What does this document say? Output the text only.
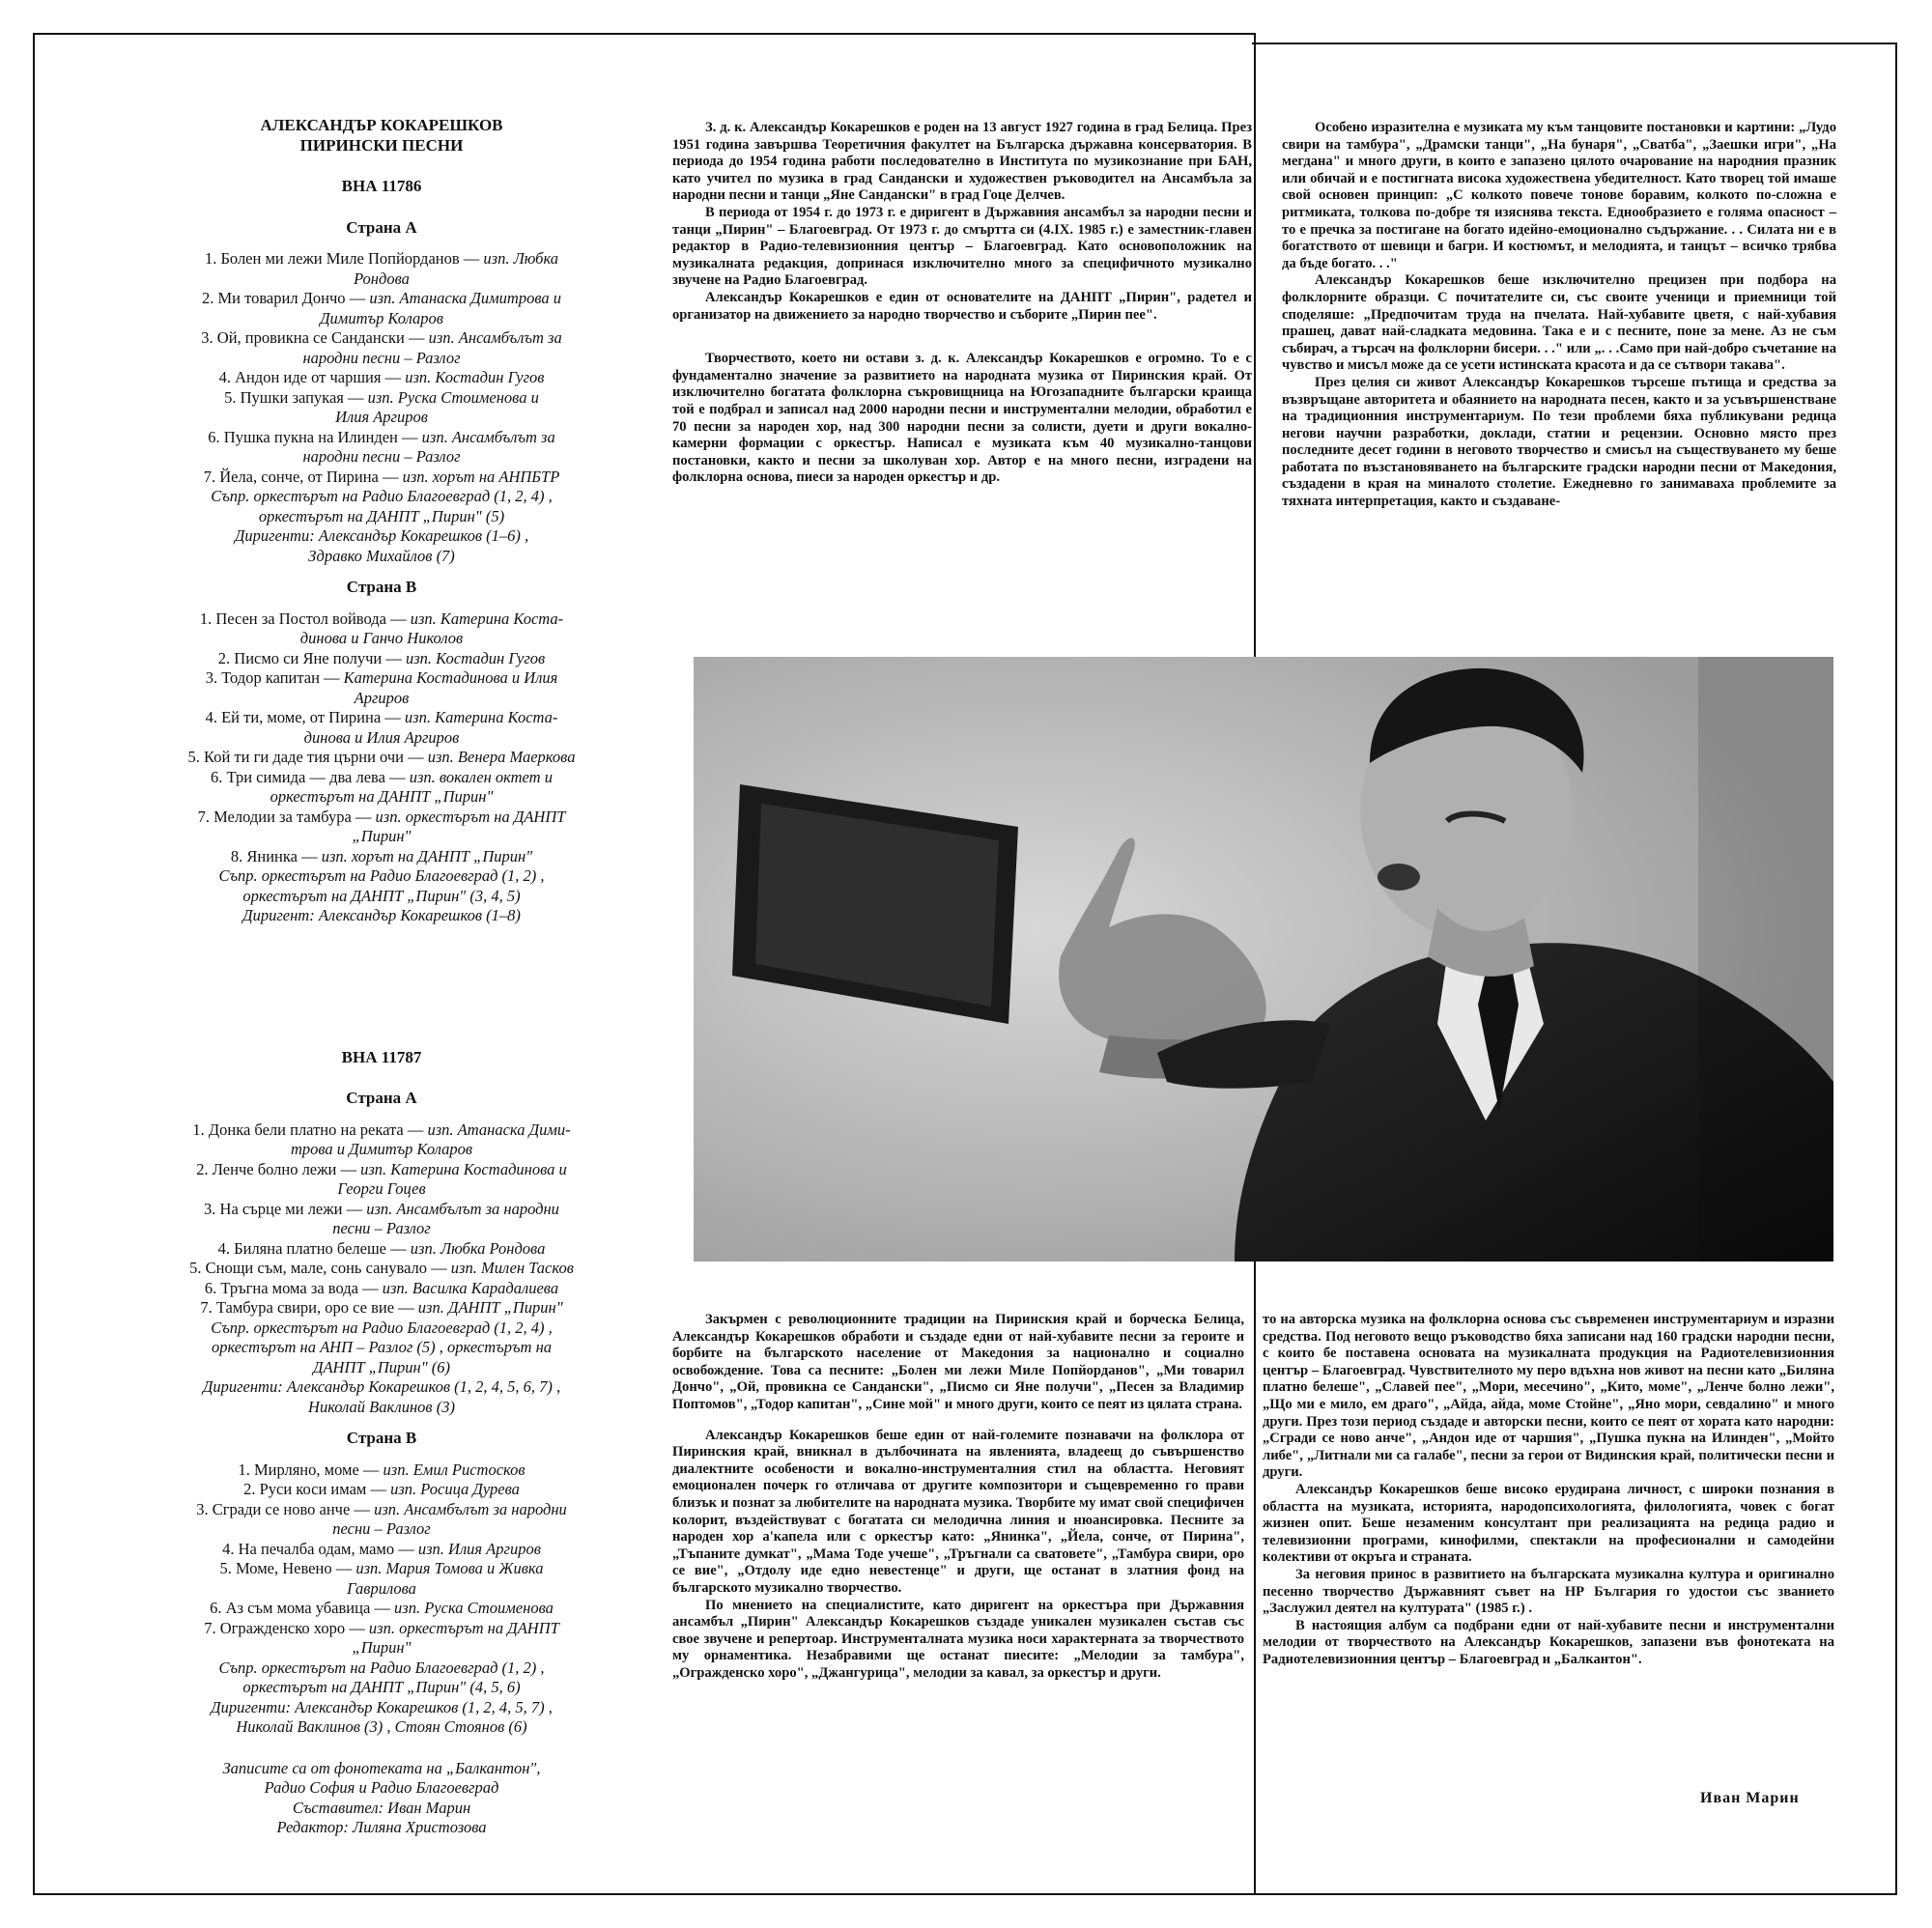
АЛЕКСАНДЪР КОКАРЕШКОВ
ПИРИНСКИ ПЕСНИ
ВНА 11786
Страна А
1. Болен ми лежи Миле Попйорданов — изп. Любка
Рондова
2. Ми товарил Дончо — изп. Атанаска Димитрова и
Димитър Коларов
3. Ой, провикна се Сандански — изп. Ансамбълът за
народни песни – Разлог
4. Андон иде от чаршия — изп. Костадин Гугов
5. Пушки запукая — изп. Руска Стоименова и
Илия Аргиров
6. Пушка пукна на Илинден — изп. Ансамбълът за
народни песни – Разлог
7. Йела, сонче, от Пирина — изп. хорът на АНПБТР
Съпр. оркестърът на Радио Благоевград (1, 2, 4) ,
оркестърът на ДАНПТ „Пирин" (5)
Диригенти: Александър Кокарешков (1–6) ,
Здравко Михайлов (7)
Страна В
1. Песен за Постол войвода — изп. Катерина Коста-
динова и Ганчо Николов
2. Писмо си Яне получи — изп. Костадин Гугов
3. Тодор капитан — Катерина Костадинова и Илия
Аргиров
4. Ей ти, моме, от Пирина — изп. Катерина Коста-
динова и Илия Аргиров
5. Кой ти ги даде тия църни очи — изп. Венера Маеркова
6. Три симида — два лева — изп. вокален октет и
оркестърът на ДАНПТ „Пирин"
7. Мелодии за тамбура — изп. оркестърът на ДАНПТ
„Пирин"
8. Янинка — изп. хорът на ДАНПТ „Пирин"
Съпр. оркестърът на Радио Благоевград (1, 2) ,
оркестърът на ДАНПТ „Пирин" (3, 4, 5)
Диригент: Александър Кокарешков (1–8)
ВНА 11787
Страна А
1. Донка бели платно на реката — изп. Атанаска Дими-
трова и Димитър Коларов
2. Ленче болно лежи — изп. Катерина Костадинова и
Георги Гоцев
3. На сърце ми лежи — изп. Ансамбълът за народни
песни – Разлог
4. Биляна платно белеше — изп. Любка Рондова
5. Снощи съм, мале, сонь санувало — изп. Милен Тасков
6. Тръгна мома за вода — изп. Василка Карадалиева
7. Тамбура свири, оро се вие — изп. ДАНПТ „Пирин"
Съпр. оркестърът на Радио Благоевград (1, 2, 4) ,
оркестърът на АНП – Разлог (5) , оркестърът на
ДАНПТ „Пирин" (6)
Диригенти: Александър Кокарешков (1, 2, 4, 5, 6, 7) ,
Николай Ваклинов (3)
Страна В
1. Мирляно, моме — изп. Емил Ристосков
2. Руси коси имам — изп. Росица Дурева
3. Сгради се ново анче — изп. Ансамбълът за народни
песни – Разлог
4. На печалба одам, мамо — изп. Илия Аргиров
5. Моме, Невено — изп. Мария Томова и Живка
Гаврилова
6. Аз съм мома убавица — изп. Руска Стоименова
7. Огражденско хоро — изп. оркестърът на ДАНПТ
„Пирин"
Съпр. оркестърът на Радио Благоевград (1, 2) ,
оркестърът на ДАНПТ „Пирин" (4, 5, 6)
Диригенти: Александър Кокарешков (1, 2, 4, 5, 7) ,
Николай Ваклинов (3) , Стоян Стоянов (6)
Записите са от фонотеката на „Балкантон",
Радио София и Радио Благоевград
Съставител: Иван Марин
Редактор: Лиляна Христозова

З. д. к. Александър Кокарешков е роден на 13 август 1927 година в град Белица. През 1951 година завършва Теоретичния факултет на Българска държавна консерватория. В периода до 1954 година работи последователно в Института по музикознание при БАН, като учител по музика в град Сандански и художествен ръководител на Ансамбъла за народни песни и танци „Яне Сандански" в град Гоце Делчев.

В периода от 1954 г. до 1973 г. е диригент в Държавния ансамбъл за народни песни и танци „Пирин" – Благоевград. От 1973 г. до смъртта си (4.IX. 1985 г.) е заместник-главен редактор в Радио-телевизионния център – Благоевград. Като основоположник на музикалната редакция, допринася изключително много за специфичното музикално звучене на Радио Благоевград.

Александър Кокарешков е един от основателите на ДАНПТ „Пирин", радетел и организатор на движението за народно творчество и съборите „Пирин пее".

Творчеството, което ни остави з. д. к. Александър Кокарешков е огромно. То е с фундаментално значение за развитието на народната музика от Пиринския край. От изключително богатата фолклорна съкровищница на Югозападните български краища той е подбрал и записал над 2000 народни песни и инструментални мелодии, обработил е 70 песни за народен хор, над 300 народни песни за солисти, дуети и други вокално-камерни формации с оркестър. Написал е музиката към 40 музикално-танцови постановки, както и песни за школуван хор. Автор е на много песни, изградени на фолклорна основа, пиеси за народен оркестър и др.

Особено изразителна е музиката му към танцовите постановки и картини: „Лудо свири на тамбура", „Драмски танци", „На бунаря", „Сватба", „Заешки игри", „На мегдана" и много други, в които е запазено цялото очарование на народния празник или обичай и е постигната висока художествена убедителност. Като творец той имаше свой основен принцип: „С колкото повече тонове боравим, колкото по-сложна е ритмиката, толкова по-добре тя изяснява текста. Еднообразието е голяма опасност – то е пречка за постигане на богато идейно-емоционално съдържание. . . Силата ни е в богатството от шевици и багри. И костюмът, и мелодията, и танцът – всичко трябва да бъде богато. . ."

Александър Кокарешков беше изключително прецизен при подбора на фолклорните образци. С почитателите си, със своите ученици и приемници той споделяше: „Предпочитам труда на пчелата. Най-хубавите цветя, с най-хубавия прашец, дават най-сладката медовина. Така е и с песните, поне за мене. Аз не съм събирач, а търсач на фолклорни бисери. . ." или „. . .Само при най-добро съчетание на чувство и мисъл може да се усети истинската красота и да се сътвори такава".

През целия си живот Александър Кокарешков търсеше пътища и средства за възвръщане авторитета и обаянието на народната песен, както и за усъвършенстване на традиционния инструментариум. По тези проблеми бяха публикувани редица негови научни разработки, доклади, статии и рецензии. Основно място през последните десет години в неговото творчество и смисъл на съществуването му беше работата по възстановяването на българските градски народни песни от Македония, създадени в края на миналото столетие. Ежедневно го занимаваха проблемите за тяхната интерпретация, както и създаване-

Закърмен с революционните традиции на Пиринския край и борческа Белица, Александър Кокарешков обработи и създаде едни от най-хубавите песни за героите и борбите на българското население от Македония за национално и социално освобождение. Това са песните: „Болен ми лежи Миле Попйорданов", „Ми товарил Дончо", „Ой, провикна се Сандански", „Писмо си Яне получи", „Песен за Владимир Поптомов", „Тодор капитан", „Сине мой" и много други, които се пеят из цялата страна.

Александър Кокарешков беше един от най-големите познавачи на фолклора от Пиринския край, вникнал в дълбочината на явленията, владеещ до съвършенство диалектните особености и вокално-инструменталния стил на областта. Неговият емоционален почерк го отличава от другите композитори и същевременно го прави близък и познат за любителите на народната музика. Творбите му имат свой специфичен колорит, въздействуват с богатата си мелодична линия и нюансировка. Песните за народен хор а'капела или с оркестър като: „Янинка", „Йела, сонче, от Пирина", „Тъпаните думкат", „Мама Тоде учеше", „Тръгнали са сватовете", „Тамбура свири, оро се вие", „Отдолу иде едно невестенце" и други, ще останат в златния фонд на българското музикално творчество.

По мнението на специалистите, като диригент на оркестъра при Държавния ансамбъл „Пирин" Александър Кокарешков създаде уникален музикален състав със свое звучене и репертоар. Инструменталната музика носи характерната за творчеството му орнаментика. Незабравими ще останат пиесите: „Мелодии за тамбура", „Огражденско хоро", „Джангурица", мелодии за кавал, за оркестър и други.

то на авторска музика на фолклорна основа със съвременен инструментариум и изразни средства. Под неговото вещо ръководство бяха записани над 160 градски народни песни, с които бе поставена основата на музикалната продукция на Радиотелевизионния център – Благоевград. Чувствителното му перо вдъхна нов живот на песни като „Биляна платно белеше", „Славей пее", „Мори, месечино", „Кито, моме", „Ленче болно лежи", „Що ми е мило, ем драго", „Айда, айда, моме Стойне", „Яно мори, севдалино" и много други. През този период създаде и авторски песни, които се пеят от хората като народни: „Сгради се ново анче", „Андон иде от чаршия", „Пушка пукна на Илинден", „Мойто либе", „Литнали ми са галабе", песни за герои от Видинския край, политически песни и други.

Александър Кокарешков беше високо ерудирана личност, с широки познания в областта на музиката, историята, народопсихологията, филологията, човек с богат жизнен опит. Беше незаменим консултант при реализацията на редица радио и телевизионни програми, кинофилми, спектакли на професионални и самодейни колективи от окръга и страната.

За неговия принос в развитието на българската музикална култура и оригинално песенно творчество Държавният съвет на НР България го удостои със званието „Заслужил деятел на културата" (1985 г.) .

В настоящия албум са подбрани едни от най-хубавите песни и инструментални мелодии от творчеството на Александър Кокарешков, запазени във фонотеката на Радиотелевизионния център – Благоевград и „Балкантон".

Иван Марин
